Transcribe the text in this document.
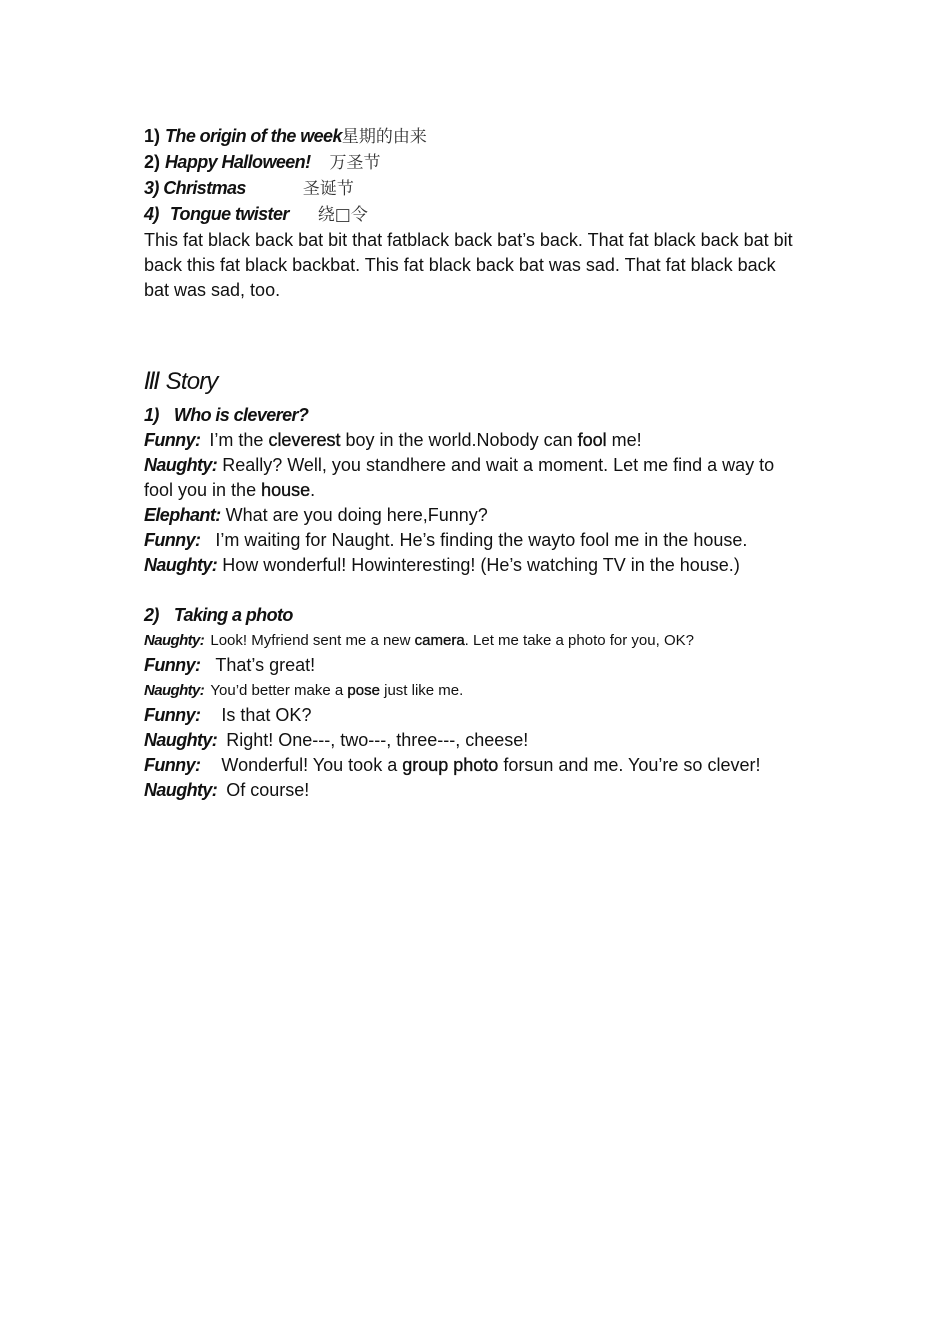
1) The origin of the week星期的由来
2) Happy Halloween! 万圣节
3) Christmas	圣诞节
4) Tongue twister 绕□令
This fat black back bat bit that fatblack back bat’s back. That fat black back bat bit back this fat black backbat. This fat black back bat was sad. That fat black back bat was sad, too.
Ⅲ Story
1) Who is cleverer?
Funny: I’m the cleverest boy in the world.Nobody can fool me!
Naughty: Really? Well, you standhere and wait a moment. Let me find a way to fool you in the house.
Elephant: What are you doing here,Funny?
Funny: I’m waiting for Naught. He’s finding the wayto fool me in the house.
Naughty: How wonderful! Howinteresting! (He’s watching TV in the house.)
2) Taking a photo
Naughty: Look! Myfriend sent me a new camera. Let me take a photo for you, OK?
Funny: That’s great!
Naughty: You’d better make a pose just like me.
Funny: Is that OK?
Naughty: Right! One---, two---, three---, cheese!
Funny: Wonderful! You took a group photo forsun and me. You’re so clever!
Naughty: Of course!
